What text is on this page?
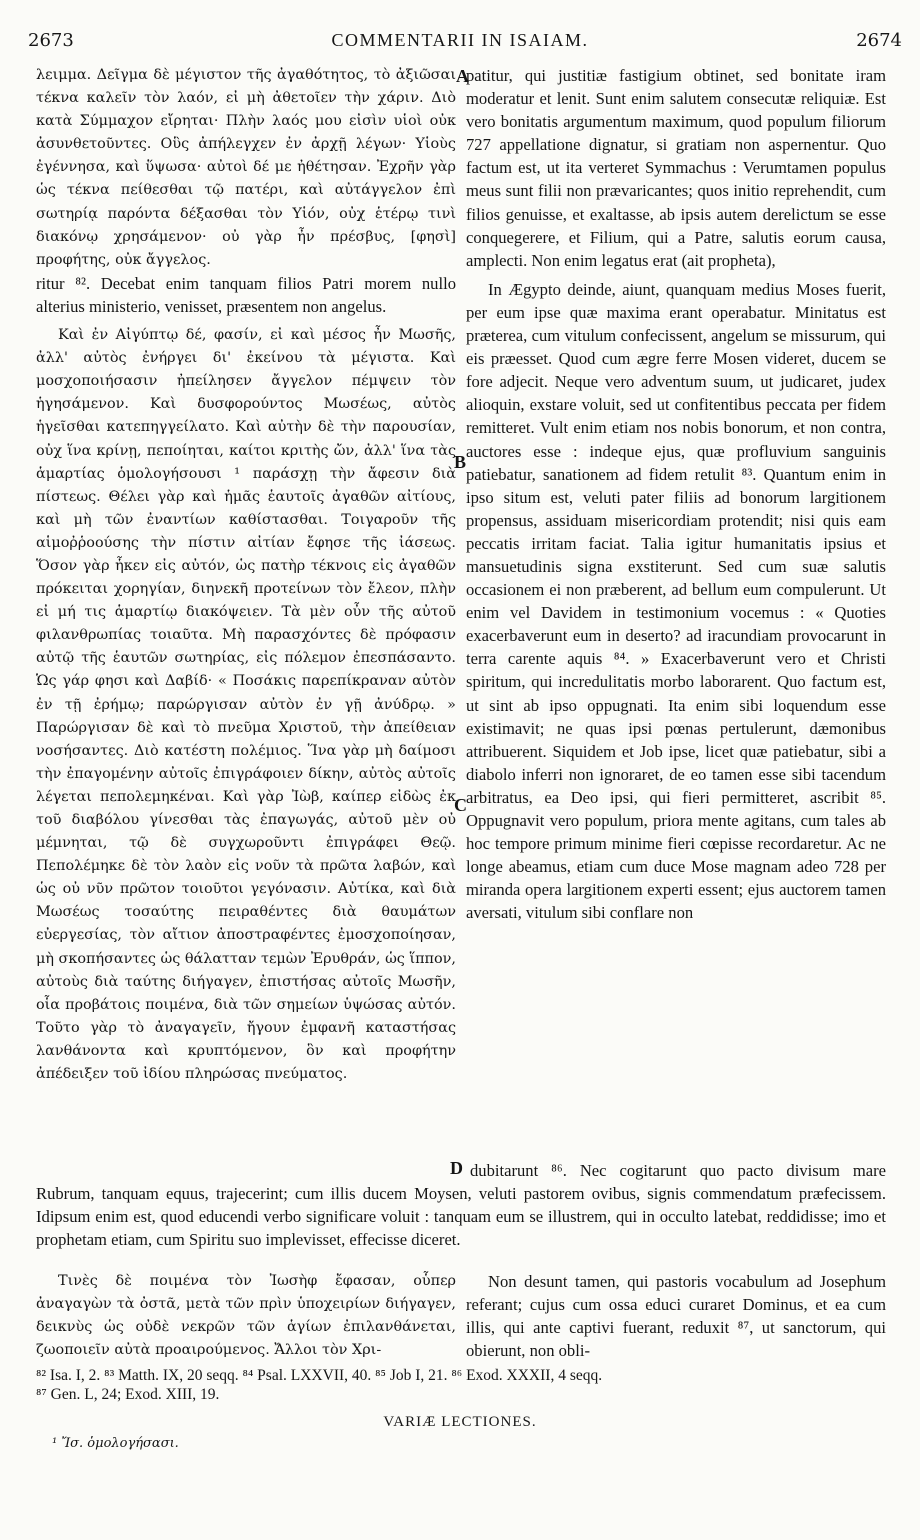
2673	COMMENTARII IN ISAIAM.	2674

λειμμα. Δεῖγμα δὲ μέγιστον τῆς ἀγαθότητος, τὸ ἀξιῶσαι τέκνα καλεῖν τὸν λαόν, εἰ μὴ ἀθετοῖεν τὴν χάριν. Διὸ κατὰ Σύμμαχον εἴρηται· Πλὴν λαός μου εἰσὶν υἱοὶ οὐκ ἀσυνθετοῦντες. Οὓς ἀπήλεγχεν ἐν ἀρχῇ λέγων· Υἱοὺς ἐγέννησα, καὶ ὕψωσα· αὐτοὶ δέ με ἠθέτησαν. Ἐχρῆν γὰρ ὡς τέκνα πείθεσθαι τῷ πατέρι, καὶ αὐτάγγελον ἐπὶ σωτηρίᾳ παρόντα δέξασθαι τὸν Υἱόν, οὐχ ἑτέρῳ τινὶ διακόνῳ χρησάμενον· οὐ γὰρ ἦν πρέσβυς, [φησὶ] προφήτης, οὐκ ἄγγελος.

ritur ⁸². Decebat enim tanquam filios Patri morem nullo alterius ministerio, venisset, præsentem non angelus.

Καὶ ἐν Αἰγύπτῳ δέ, φασίν, εἰ καὶ μέσος ἦν Μωσῆς, ἀλλ' αὐτὸς ἐνήργει δι' ἐκείνου τὰ μέγιστα. Καὶ μοσχοποιήσασιν ἠπείλησεν ἄγγελον πέμψειν τὸν ἡγησάμενον. Καὶ δυσφορούντος Μωσέως, αὐτὸς ἡγεῖσθαι κατεπηγγείλατο. Καὶ αὐτὴν δὲ τὴν παρουσίαν, οὐχ ἵνα κρίνῃ, πεποίηται, καίτοι κριτὴς ὤν, ἀλλ' ἵνα τὰς ἁμαρτίας ὁμολογήσουσι ¹ παράσχῃ τὴν ἄφεσιν διὰ πίστεως. Θέλει γὰρ καὶ ἡμᾶς ἑαυτοῖς ἀγαθῶν αἰτίους, καὶ μὴ τῶν ἐναντίων καθίστασθαι. Τοιγαροῦν τῆς αἱμοῤῥοούσης τὴν πίστιν αἰτίαν ἔφησε τῆς ἰάσεως. Ὅσον γὰρ ἧκεν εἰς αὐτόν, ὡς πατὴρ τέκνοις εἰς ἀγαθῶν πρόκειται χορηγίαν, διηνεκῆ προτείνων τὸν ἔλεον, πλὴν εἰ μή τις ἁμαρτίῳ διακόψειεν. Τὰ μὲν οὖν τῆς αὐτοῦ φιλανθρωπίας τοιαῦτα. Μὴ παρασχόντες δὲ πρόφασιν αὐτῷ τῆς ἑαυτῶν σωτηρίας, εἰς πόλεμον ἐπεσπάσαντο. Ὡς γάρ φησι καὶ Δαβίδ· « Ποσάκις παρεπίκραναν αὐτὸν ἐν τῇ ἐρήμῳ; παρώργισαν αὐτὸν ἐν γῇ ἀνύδρῳ. » Παρώργισαν δὲ καὶ τὸ πνεῦμα Χριστοῦ, τὴν ἀπείθειαν νοσήσαντες. Διὸ κατέστη πολέμιος. Ἵνα γὰρ μὴ δαίμοσι τὴν ἐπαγομένην αὐτοῖς ἐπιγράφοιεν δίκην, αὐτὸς αὐτοῖς λέγεται πεπολεμηκέναι. Καὶ γὰρ Ἰὼβ, καίπερ εἰδὼς ἐκ τοῦ διαβόλου γίνεσθαι τὰς ἐπαγωγάς, αὐτοῦ μὲν οὐ μέμνηται, τῷ δὲ συγχωροῦντι ἐπιγράφει Θεῷ. Πεπολέμηκε δὲ τὸν λαὸν εἰς νοῦν τὰ πρῶτα λαβών, καὶ ὡς οὐ νῦν πρῶτον τοιοῦτοι γεγόνασιν. Αὐτίκα, καὶ διὰ Μωσέως τοσαύτης πειραθέντες διὰ θαυμάτων εὐεργεσίας, τὸν αἴτιον ἀποστραφέντες ἐμοσχοποίησαν, μὴ σκοπήσαντες ὡς θάλατταν τεμὼν Ἐρυθράν, ὡς ἵππον, αὐτοὺς διὰ ταύτης διήγαγεν, ἐπιστήσας αὐτοῖς Μωσῆν, οἷα προβάτοις ποιμένα, διὰ τῶν σημείων ὑψώσας αὐτόν. Τοῦτο γὰρ τὸ ἀναγαγεῖν, ἤγουν ἐμφανῆ καταστήσας λανθάνοντα καὶ κρυπτόμενον, ὃν καὶ προφήτην ἀπέδειξεν τοῦ ἰδίου πληρώσας πνεύματος.

patitur, qui justitiæ fastigium obtinet, sed bonitate iram moderatur et lenit. Sunt enim salutem consecutæ reliquiæ. Est vero bonitatis argumentum maximum, quod populum filiorum 727 appellatione dignatur, si gratiam non aspernentur. Quo factum est, ut ita verteret Symmachus : Verumtamen populus meus sunt filii non prævaricantes; quos initio reprehendit, cum filios genuisse, et exaltasse, ab ipsis autem derelictum se esse conquegerere, et Filium, qui a Patre, salutis eorum causa, amplecti. Non enim legatus erat (ait propheta),

In Ægypto deinde, aiunt, quanquam medius Moses fuerit, per eum ipse quæ maxima erant operabatur. Minitatus est præterea, cum vitulum confecissent, angelum se missurum, qui eis præesset. Quod cum ægre ferre Mosen videret, ducem se fore adjecit. Neque vero adventum suum, ut judicaret, judex alioquin, exstare voluit, sed ut confitentibus peccata per fidem remitteret. Vult enim etiam nos nobis bonorum, et non contra, auctores esse : indeque ejus, quæ profluvium sanguinis patiebatur, sanationem ad fidem retulit ⁸³. Quantum enim in ipso situm est, veluti pater filiis ad bonorum largitionem propensus, assiduam misericordiam protendit; nisi quis eam peccatis irritam faciat. Talia igitur humanitatis ipsius et mansuetudinis signa exstiterunt. Sed cum suæ salutis occasionem ei non præberent, ad bellum eum compulerunt. Ut enim vel Davidem in testimonium vocemus : « Quoties exacerbaverunt eum in deserto? ad iracundiam provocarunt in terra carente aquis ⁸⁴. » Exacerbaverunt vero et Christi spiritum, qui incredulitatis morbo laborarent. Quo factum est, ut sint ab ipso oppugnati. Ita enim sibi loquendum esse existimavit; ne quas ipsi pœnas pertulerunt, dæmonibus attribuerent. Siquidem et Job ipse, licet quæ patiebatur, sibi a diabolo inferri non ignoraret, de eo tamen esse sibi tacendum arbitratus, ea Deo ipsi, qui fieri permitteret, ascribit ⁸⁵. Oppugnavit vero populum, priora mente agitans, cum tales ab hoc tempore primum minime fieri cœpisse recordaretur. Ac ne longe abeamus, etiam cum duce Mose magnam adeo 728 per miranda opera largitionem experti essent; ejus auctorem tamen aversati, vitulum sibi conflare non

A
B
C
D dubitarunt ⁸⁶. Nec cogitarunt quo pacto divisum mare Rubrum, tanquam equus, trajecerint; cum illis ducem Moysen, veluti pastorem ovibus, signis commendatum præfecissem. Idipsum enim est, quod educendi verbo significare voluit : tanquam eum se illustrem, qui in occulto latebat, reddidisse; imo et prophetam etiam, cum Spiritu suo implevisset, effecisse diceret.

Τινὲς δὲ ποιμένα τὸν Ἰωσὴφ ἔφασαν, οὗπερ ἀναγαγὼν τὰ ὀστᾶ, μετὰ τῶν πρὶν ὑποχειρίων διήγαγεν, δεικνὺς ὡς οὐδὲ νεκρῶν τῶν ἁγίων ἐπιλανθάνεται, ζωοποιεῖν αὐτὰ προαιρούμενος. Ἄλλοι τὸν Χρι-

Non desunt tamen, qui pastoris vocabulum ad Josephum referant; cujus cum ossa educi curaret Dominus, et ea cum illis, qui ante captivi fuerant, reduxit ⁸⁷, ut sanctorum, qui obierunt, non obli-

⁸² Isa. I, 2. ⁸³ Matth. IX, 20 seqq. ⁸⁴ Psal. LXXVII, 40. ⁸⁵ Job I, 21. ⁸⁶ Exod. XXXII, 4 seqq.

⁸⁷ Gen. L, 24; Exod. XIII, 19.

VARIÆ LECTIONES.
¹ Ἴσ. ὁμολογήσασι.
